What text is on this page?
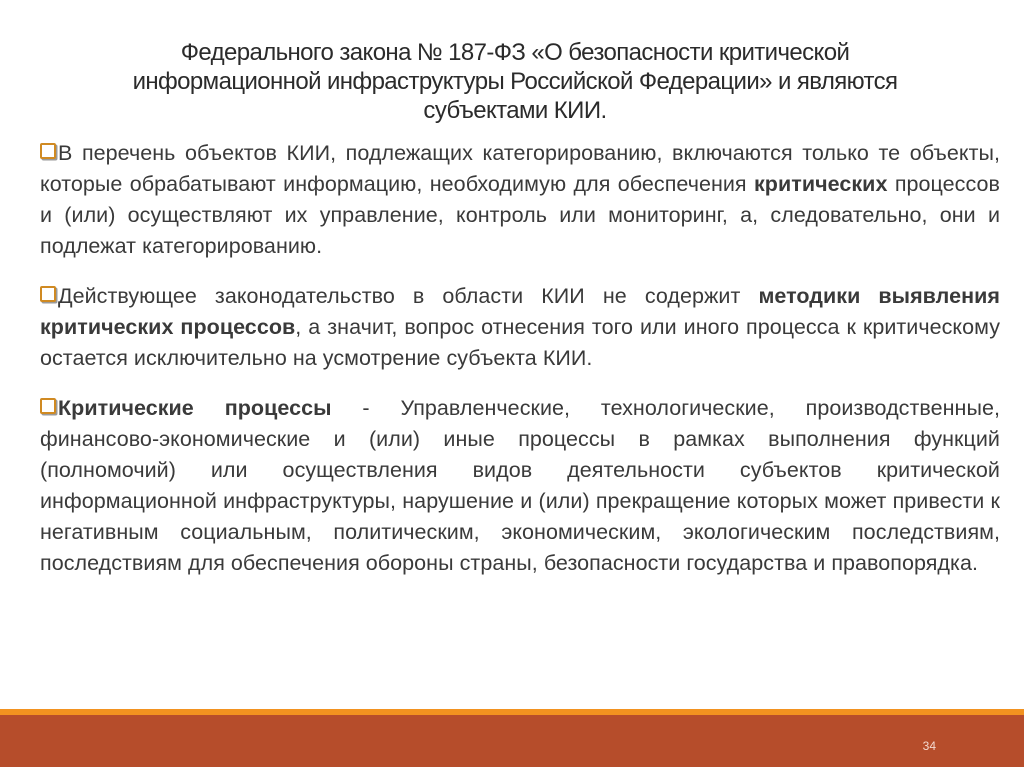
Федерального закона № 187-ФЗ «О безопасности критической
информационной инфраструктуры Российской Федерации» и являются
субъектами КИИ.
В перечень объектов КИИ, подлежащих категорированию, включаются только те объекты, которые обрабатывают информацию, необходимую для обеспечения критических процессов и (или) осуществляют их управление, контроль или мониторинг, а, следовательно, они и подлежат категорированию.
Действующее законодательство в области КИИ не содержит методики выявления критических процессов, а значит, вопрос отнесения того или иного процесса к критическому остается исключительно на усмотрение субъекта КИИ.
Критические процессы - Управленческие, технологические, производственные, финансово-экономические и (или) иные процессы в рамках выполнения функций (полномочий) или осуществления видов деятельности субъектов критической информационной инфраструктуры, нарушение и (или) прекращение которых может привести к негативным социальным, политическим, экономическим, экологическим последствиям, последствиям для обеспечения обороны страны, безопасности государства и правопорядка.
34
